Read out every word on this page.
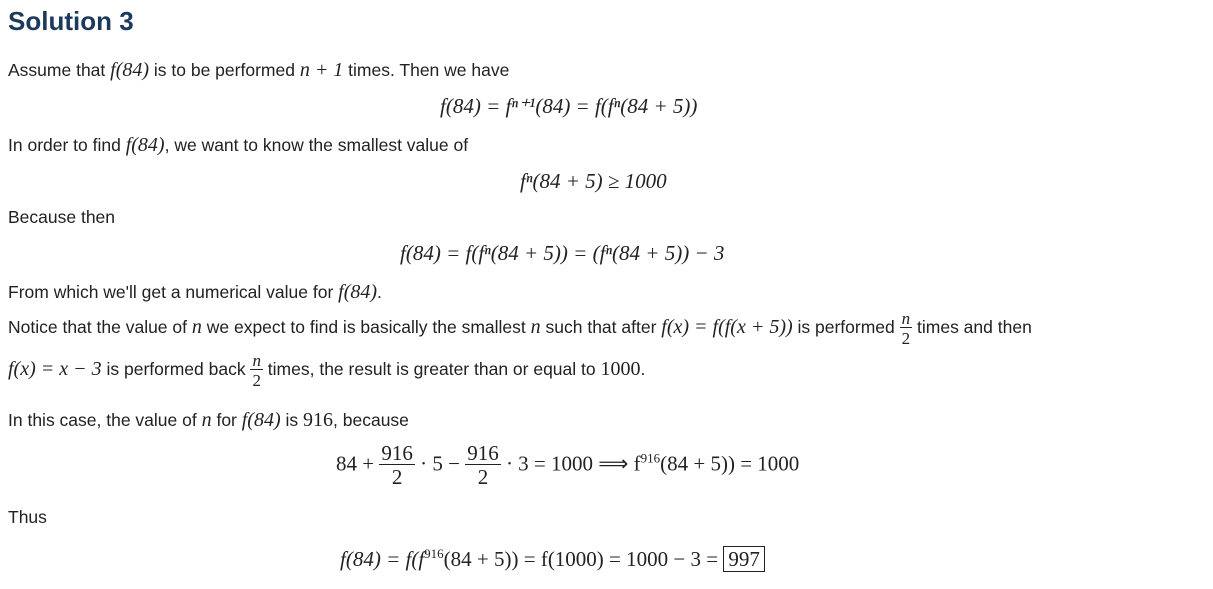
Solution 3
Assume that f(84) is to be performed n + 1 times. Then we have
f(84) = fⁿ⁺¹(84) = f(fⁿ(84 + 5))
In order to find f(84), we want to know the smallest value of
fⁿ(84 + 5) ≥ 1000
Because then
f(84) = f(fⁿ(84 + 5)) = (fⁿ(84 + 5)) − 3
From which we'll get a numerical value for f(84).
Notice that the value of n we expect to find is basically the smallest n such that after f(x) = f(f(x + 5)) is performed $\frac{n}{2}$ times and then
f(x) = x − 3 is performed back $\frac{n}{2}$ times, the result is greater than or equal to 1000.
In this case, the value of n for f(84) is 916, because
$84 + \frac{916}{2} \cdot 5 - \frac{916}{2} \cdot 3 = 1000$ ⟹ $f^{916}(84 + 5)) = 1000$
Thus
$f(84) = f(f^{916}(84 + 5)) = f(1000) = 1000 - 3 = 997$
